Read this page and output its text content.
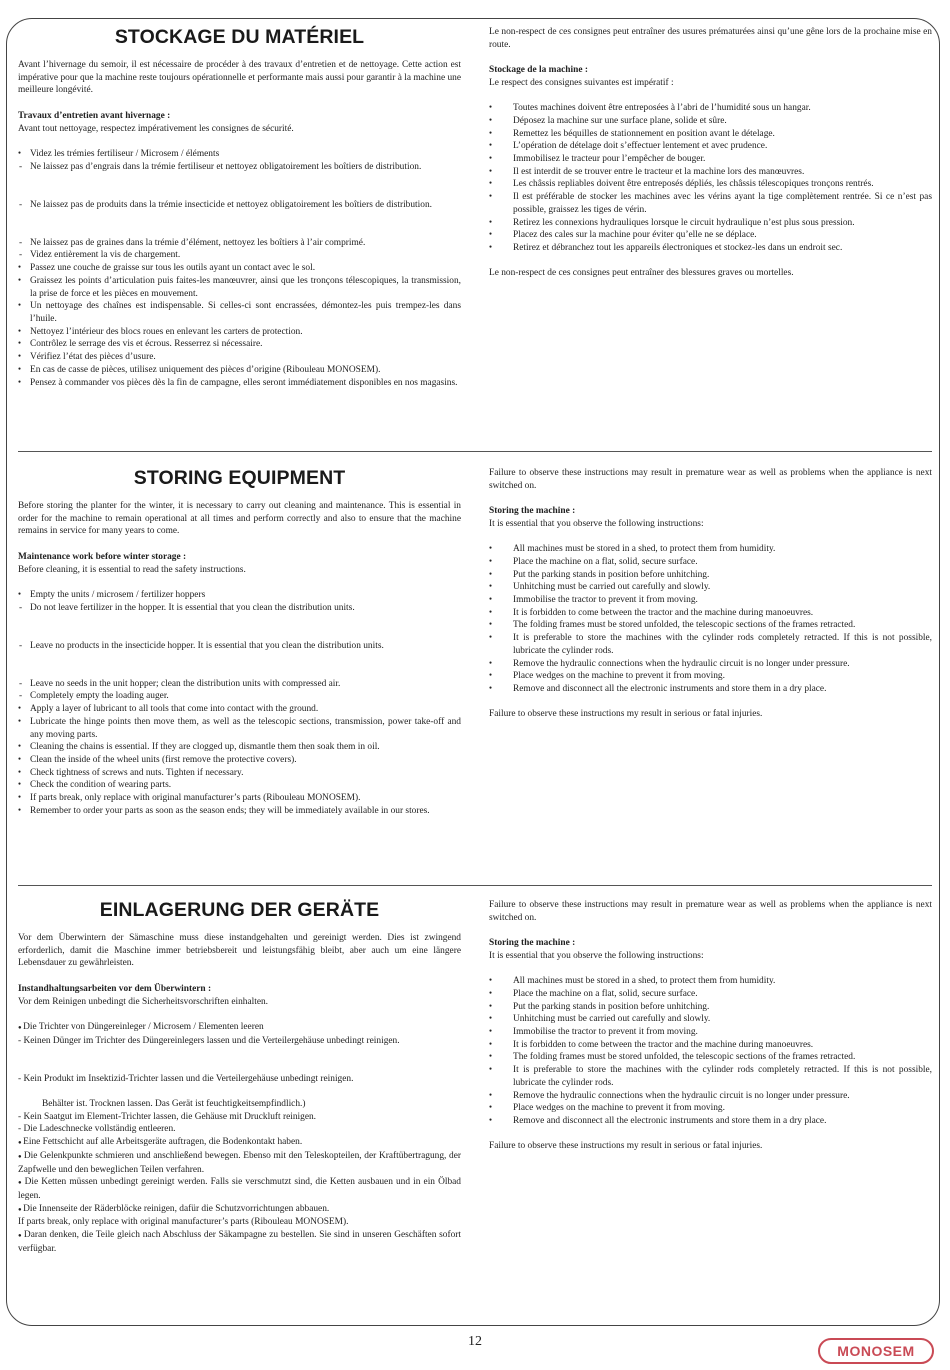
STOCKAGE DU MATÉRIEL

Avant l’hivernage du semoir, il est nécessaire de procéder à des travaux d’entretien et de nettoyage. Cette action est impérative pour que la machine reste toujours opérationnelle et performante mais aussi pour garantir à la machine une meilleure longévité.

Travaux d’entretien avant hivernage :

Avant tout nettoyage, respectez impérativement les consignes de sécurité.

● Videz les trémies fertiliseur / Microsem / éléments
- Ne laissez pas d’engrais dans la trémie fertiliseur et nettoyez obligatoirement les boîtiers de distribution.
- Ne laissez pas de produits dans la trémie insecticide et nettoyez obligatoirement les boîtiers de distribution.
- Ne laissez pas de graines dans la trémie d’élément, nettoyez les boîtiers à l’air comprimé.
- Videz entièrement la vis de chargement.
● Passez une couche de graisse sur tous les outils ayant un contact avec le sol.
● Graissez les points d’articulation puis faites-les manœuvrer, ainsi que les tronçons télescopiques, la transmission, la prise de force et les pièces en mouvement.
● Un nettoyage des chaînes est indispensable. Si celles-ci sont encrassées, démontez-les puis trempez-les dans l’huile.
● Nettoyez l’intérieur des blocs roues en enlevant les carters de protection.
● Contrôlez le serrage des vis et écrous. Resserrez si nécessaire.
● Vérifiez l’état des pièces d’usure.
● En cas de casse de pièces, utilisez uniquement des pièces d’origine (Ribouleau MONOSEM).
● Pensez à commander vos pièces dès la fin de campagne, elles seront immédiatement disponibles en nos magasins.

Le non-respect de ces consignes peut entraîner des usures prématurées ainsi qu’une gêne lors de la prochaine mise en route.

Stockage de la machine :

Le respect des consignes suivantes est impératif :

● Toutes machines doivent être entreposées à l’abri de l’humidité sous un hangar.
● Déposez la machine sur une surface plane, solide et sûre.
● Remettez les béquilles de stationnement en position avant le dételage.
● L’opération de dételage doit s’effectuer lentement et avec prudence.
● Immobilisez le tracteur pour l’empêcher de bouger.
● Il est interdit de se trouver entre le tracteur et la machine lors des manœuvres.
● Les châssis repliables doivent être entreposés dépliés, les châssis télescopiques tronçons rentrés.
● Il est préférable de stocker les machines avec les vérins ayant la tige complètement rentrée. Si ce n’est pas possible, graissez les tiges de vérin.
● Retirez les connexions hydrauliques lorsque le circuit hydraulique n’est plus sous pression.
● Placez des cales sur la machine pour éviter qu’elle ne se déplace.
● Retirez et débranchez tout les appareils électroniques et stockez-les dans un endroit sec.

Le non-respect de ces consignes peut entraîner des blessures graves ou mortelles.

STORING EQUIPMENT

Before storing the planter for the winter, it is necessary to carry out cleaning and maintenance. This is essential in order for the machine to remain operational at all times and perform correctly and also to ensure that the machine remains in service for many years to come.

Maintenance work before winter storage :

Before cleaning, it is essential to read the safety instructions.

● Empty the units / microsem / fertilizer hoppers
- Do not leave fertilizer in the hopper. It is essential that you clean the distribution units.
- Leave no products in the insecticide hopper. It is essential that you clean the distribution units.
- Leave no seeds in the unit hopper; clean the distribution units with compressed air.
- Completely empty the loading auger.
● Apply a layer of lubricant to all tools that come into contact with the ground.
● Lubricate the hinge points then move them, as well as the telescopic sections, transmission, power take-off and any moving parts.
● Cleaning the chains is essential. If they are clogged up, dismantle them then soak them in oil.
● Clean the inside of the wheel units (first remove the protective covers).
● Check tightness of screws and nuts. Tighten if necessary.
● Check the condition of wearing parts.
● If parts break, only replace with original manufacturer’s parts (Ribouleau MONOSEM).
● Remember to order your parts as soon as the season ends; they will be immediately available in our stores.

Failure to observe these instructions may result in premature wear as well as problems when the appliance is next switched on.

Storing the machine :

It is essential that you observe the following instructions:

● All machines must be stored in a shed, to protect them from humidity.
● Place the machine on a flat, solid, secure surface.
● Put the parking stands in position before unhitching.
● Unhitching must be carried out carefully and slowly.
● Immobilise the tractor to prevent it from moving.
● It is forbidden to come between the tractor and the machine during manoeuvres.
● The folding frames must be stored unfolded, the telescopic sections of the frames retracted.
● It is preferable to store the machines with the cylinder rods completely retracted. If this is not possible, lubricate the cylinder rods.
● Remove the hydraulic connections when the hydraulic circuit is no longer under pressure.
● Place wedges on the machine to prevent it from moving.
● Remove and disconnect all the electronic instruments and store them in a dry place.

Failure to observe these instructions my result in serious or fatal injuries.

EINLAGERUNG DER GERÄTE

Vor dem Überwintern der Sämaschine muss diese instandgehalten und gereinigt werden. Dies ist zwingend erforderlich, damit die Maschine immer betriebsbereit und leistungsfähig bleibt, aber auch um eine längere Lebensdauer zu gewährleisten.

Instandhaltungsarbeiten vor dem Überwintern :

Vor dem Reinigen unbedingt die Sicherheitsvorschriften einhalten.

● Die Trichter von Düngereinleger / Microsem / Elementen leeren
- Keinen Dünger im Trichter des Düngereinlegers lassen und die Verteilergehäuse unbedingt reinigen.
- Kein Produkt im Insektizid-Trichter lassen und die Verteilergehäuse unbedingt reinigen.
Behälter ist. Trocknen lassen. Das Gerät ist feuchtigkeitsempfindlich.)
- Kein Saatgut im Element-Trichter lassen, die Gehäuse mit Druckluft reinigen.
- Die Ladeschnecke vollständig entleeren.
● Eine Fettschicht auf alle Arbeitsgeräte auftragen, die Bodenkontakt haben.
● Die Gelenkpunkte schmieren und anschließend bewegen. Ebenso mit den Teleskopteilen, der Kraftübertragung, der Zapfwelle und den beweglichen Teilen verfahren.
● Die Ketten müssen unbedingt gereinigt werden. Falls sie verschmutzt sind, die Ketten ausbauen und in ein Ölbad legen.
● Die Innenseite der Räderblöcke reinigen, dafür die Schutzvorrichtungen abbauen.
If parts break, only replace with original manufacturer’s parts (Ribouleau MONOSEM).
● Daran denken, die Teile gleich nach Abschluss der Säkampagne zu bestellen. Sie sind in unseren Geschäften sofort verfügbar.

Failure to observe these instructions may result in premature wear as well as problems when the appliance is next switched on.

Storing the machine :

It is essential that you observe the following instructions:

● All machines must be stored in a shed, to protect them from humidity.
● Place the machine on a flat, solid, secure surface.
● Put the parking stands in position before unhitching.
● Unhitching must be carried out carefully and slowly.
● Immobilise the tractor to prevent it from moving.
● It is forbidden to come between the tractor and the machine during manoeuvres.
● The folding frames must be stored unfolded, the telescopic sections of the frames retracted.
● It is preferable to store the machines with the cylinder rods completely retracted. If this is not possible, lubricate the cylinder rods.
● Remove the hydraulic connections when the hydraulic circuit is no longer under pressure.
● Place wedges on the machine to prevent it from moving.
● Remove and disconnect all the electronic instruments and store them in a dry place.

Failure to observe these instructions my result in serious or fatal injuries.

12
MONOSEM
